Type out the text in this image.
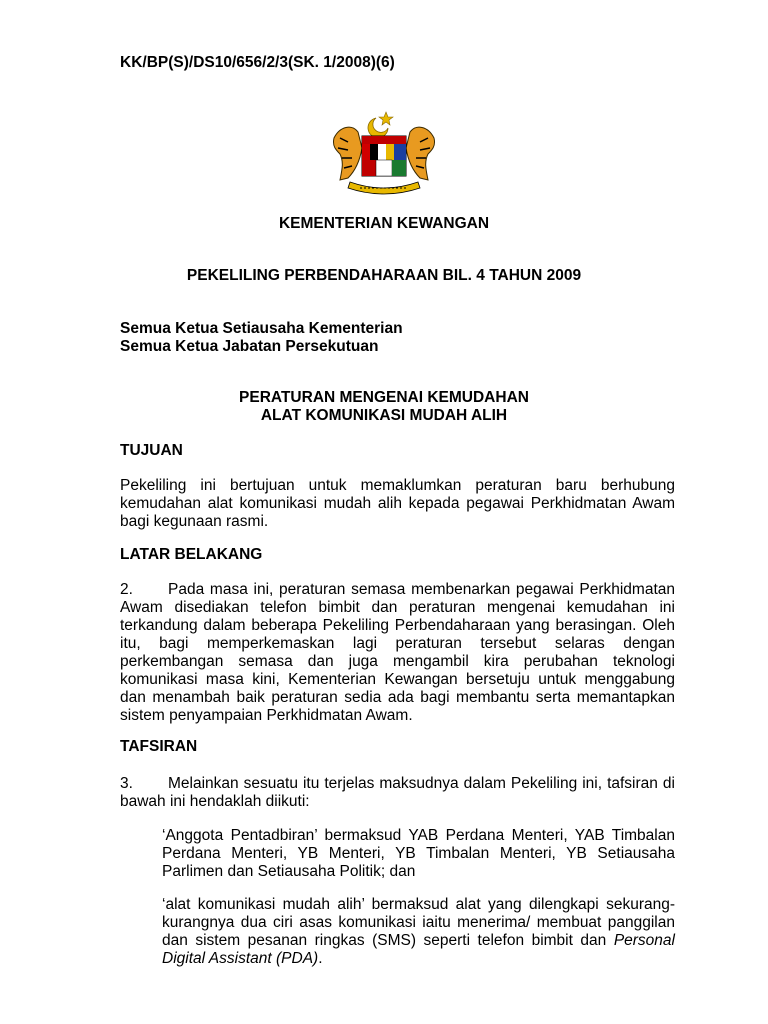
KK/BP(S)/DS10/656/2/3(SK. 1/2008)(6)
KEMENTERIAN KEWANGAN
PEKELILING PERBENDAHARAAN BIL. 4 TAHUN 2009
Semua Ketua Setiausaha Kementerian
Semua Ketua Jabatan Persekutuan
PERATURAN MENGENAI KEMUDAHAN
ALAT KOMUNIKASI MUDAH ALIH
TUJUAN
Pekeliling ini bertujuan untuk memaklumkan peraturan baru berhubung kemudahan alat komunikasi mudah alih kepada pegawai Perkhidmatan Awam bagi kegunaan rasmi.
LATAR BELAKANG
2. Pada masa ini, peraturan semasa membenarkan pegawai Perkhidmatan Awam disediakan telefon bimbit dan peraturan mengenai kemudahan ini terkandung dalam beberapa Pekeliling Perbendaharaan yang berasingan. Oleh itu, bagi memperkemaskan lagi peraturan tersebut selaras dengan perkembangan semasa dan juga mengambil kira perubahan teknologi komunikasi masa kini, Kementerian Kewangan bersetuju untuk menggabung dan menambah baik peraturan sedia ada bagi membantu serta memantapkan sistem penyampaian Perkhidmatan Awam.
TAFSIRAN
3. Melainkan sesuatu itu terjelas maksudnya dalam Pekeliling ini, tafsiran di bawah ini hendaklah diikuti:
‘Anggota Pentadbiran’ bermaksud YAB Perdana Menteri, YAB Timbalan Perdana Menteri, YB Menteri, YB Timbalan Menteri, YB Setiausaha Parlimen dan Setiausaha Politik; dan
‘alat komunikasi mudah alih’ bermaksud alat yang dilengkapi sekurang-kurangnya dua ciri asas komunikasi iaitu menerima/ membuat panggilan dan sistem pesanan ringkas (SMS) seperti telefon bimbit dan Personal Digital Assistant (PDA).
